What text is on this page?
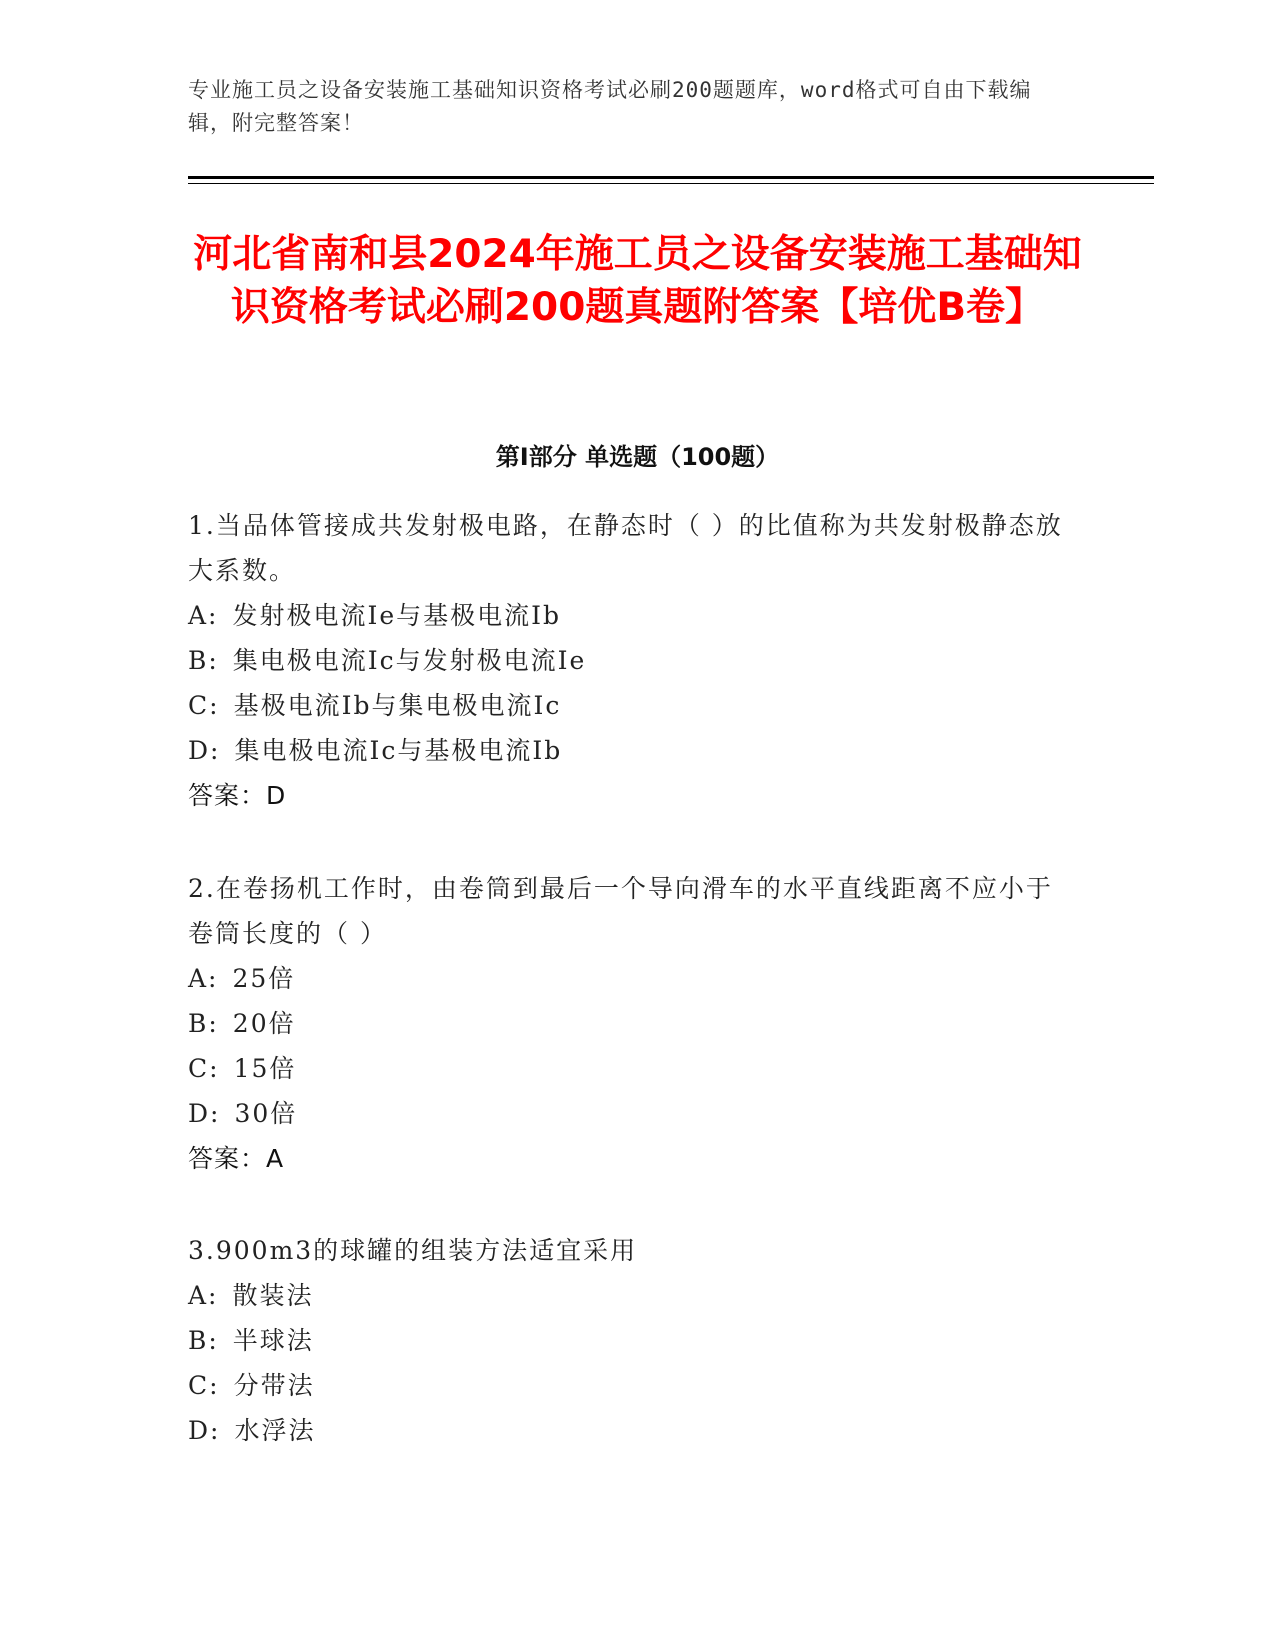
专业施工员之设备安装施工基础知识资格考试必刷200题题库，word格式可自由下载编辑，附完整答案！
河北省南和县2024年施工员之设备安装施工基础知识资格考试必刷200题真题附答案【培优B卷】
第I部分 单选题（100题）

1.当品体管接成共发射极电路，在静态时（ ）的比值称为共发射极静态放大系数。

A: 发射极电流Ie与基极电流Ib

B: 集电极电流Ic与发射极电流Ie

C: 基极电流Ib与集电极电流Ic

D: 集电极电流Ic与基极电流Ib

答案：D

2.在卷扬机工作时，由卷筒到最后一个导向滑车的水平直线距离不应小于卷筒长度的（ ）

A: 25倍

B: 20倍

C: 15倍

D: 30倍

答案：A

3.900m3的球罐的组装方法适宜采用

A: 散装法

B: 半球法

C: 分带法

D: 水浮法
